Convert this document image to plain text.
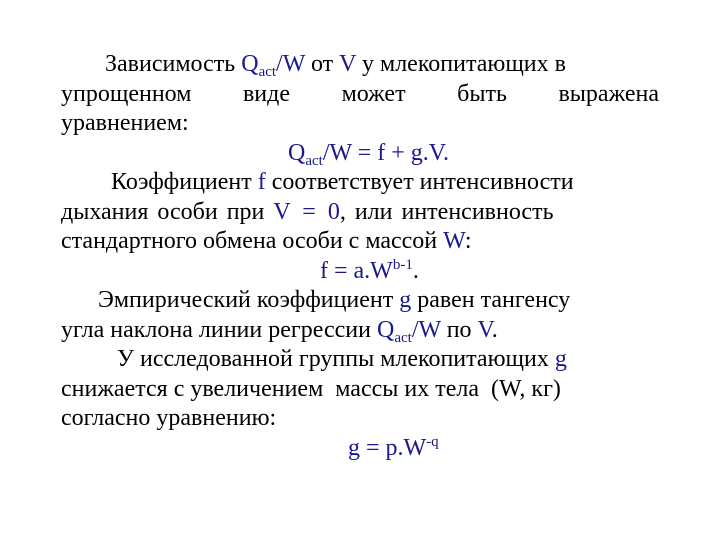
Зависимость $Q_{act}/W$ от V у млекопитающих в
упрощенном виде может быть выражена
уравнением:
$Q_{act}/W = f + g.V$.
Коэффициент f соответствует интенсивности
дыхания особи при V = 0, или интенсивность
стандартного обмена особи с массой W:
$f = a.W^{b-1}$.
Эмпирический коэффициент g равен тангенсу
угла наклона линии регрессии $Q_{act}/W$ по V.
У исследованной группы млекопитающих g
снижается с увеличением  массы их тела  (W, кг)
согласно уравнению:
$g = p.W^{-q}$
